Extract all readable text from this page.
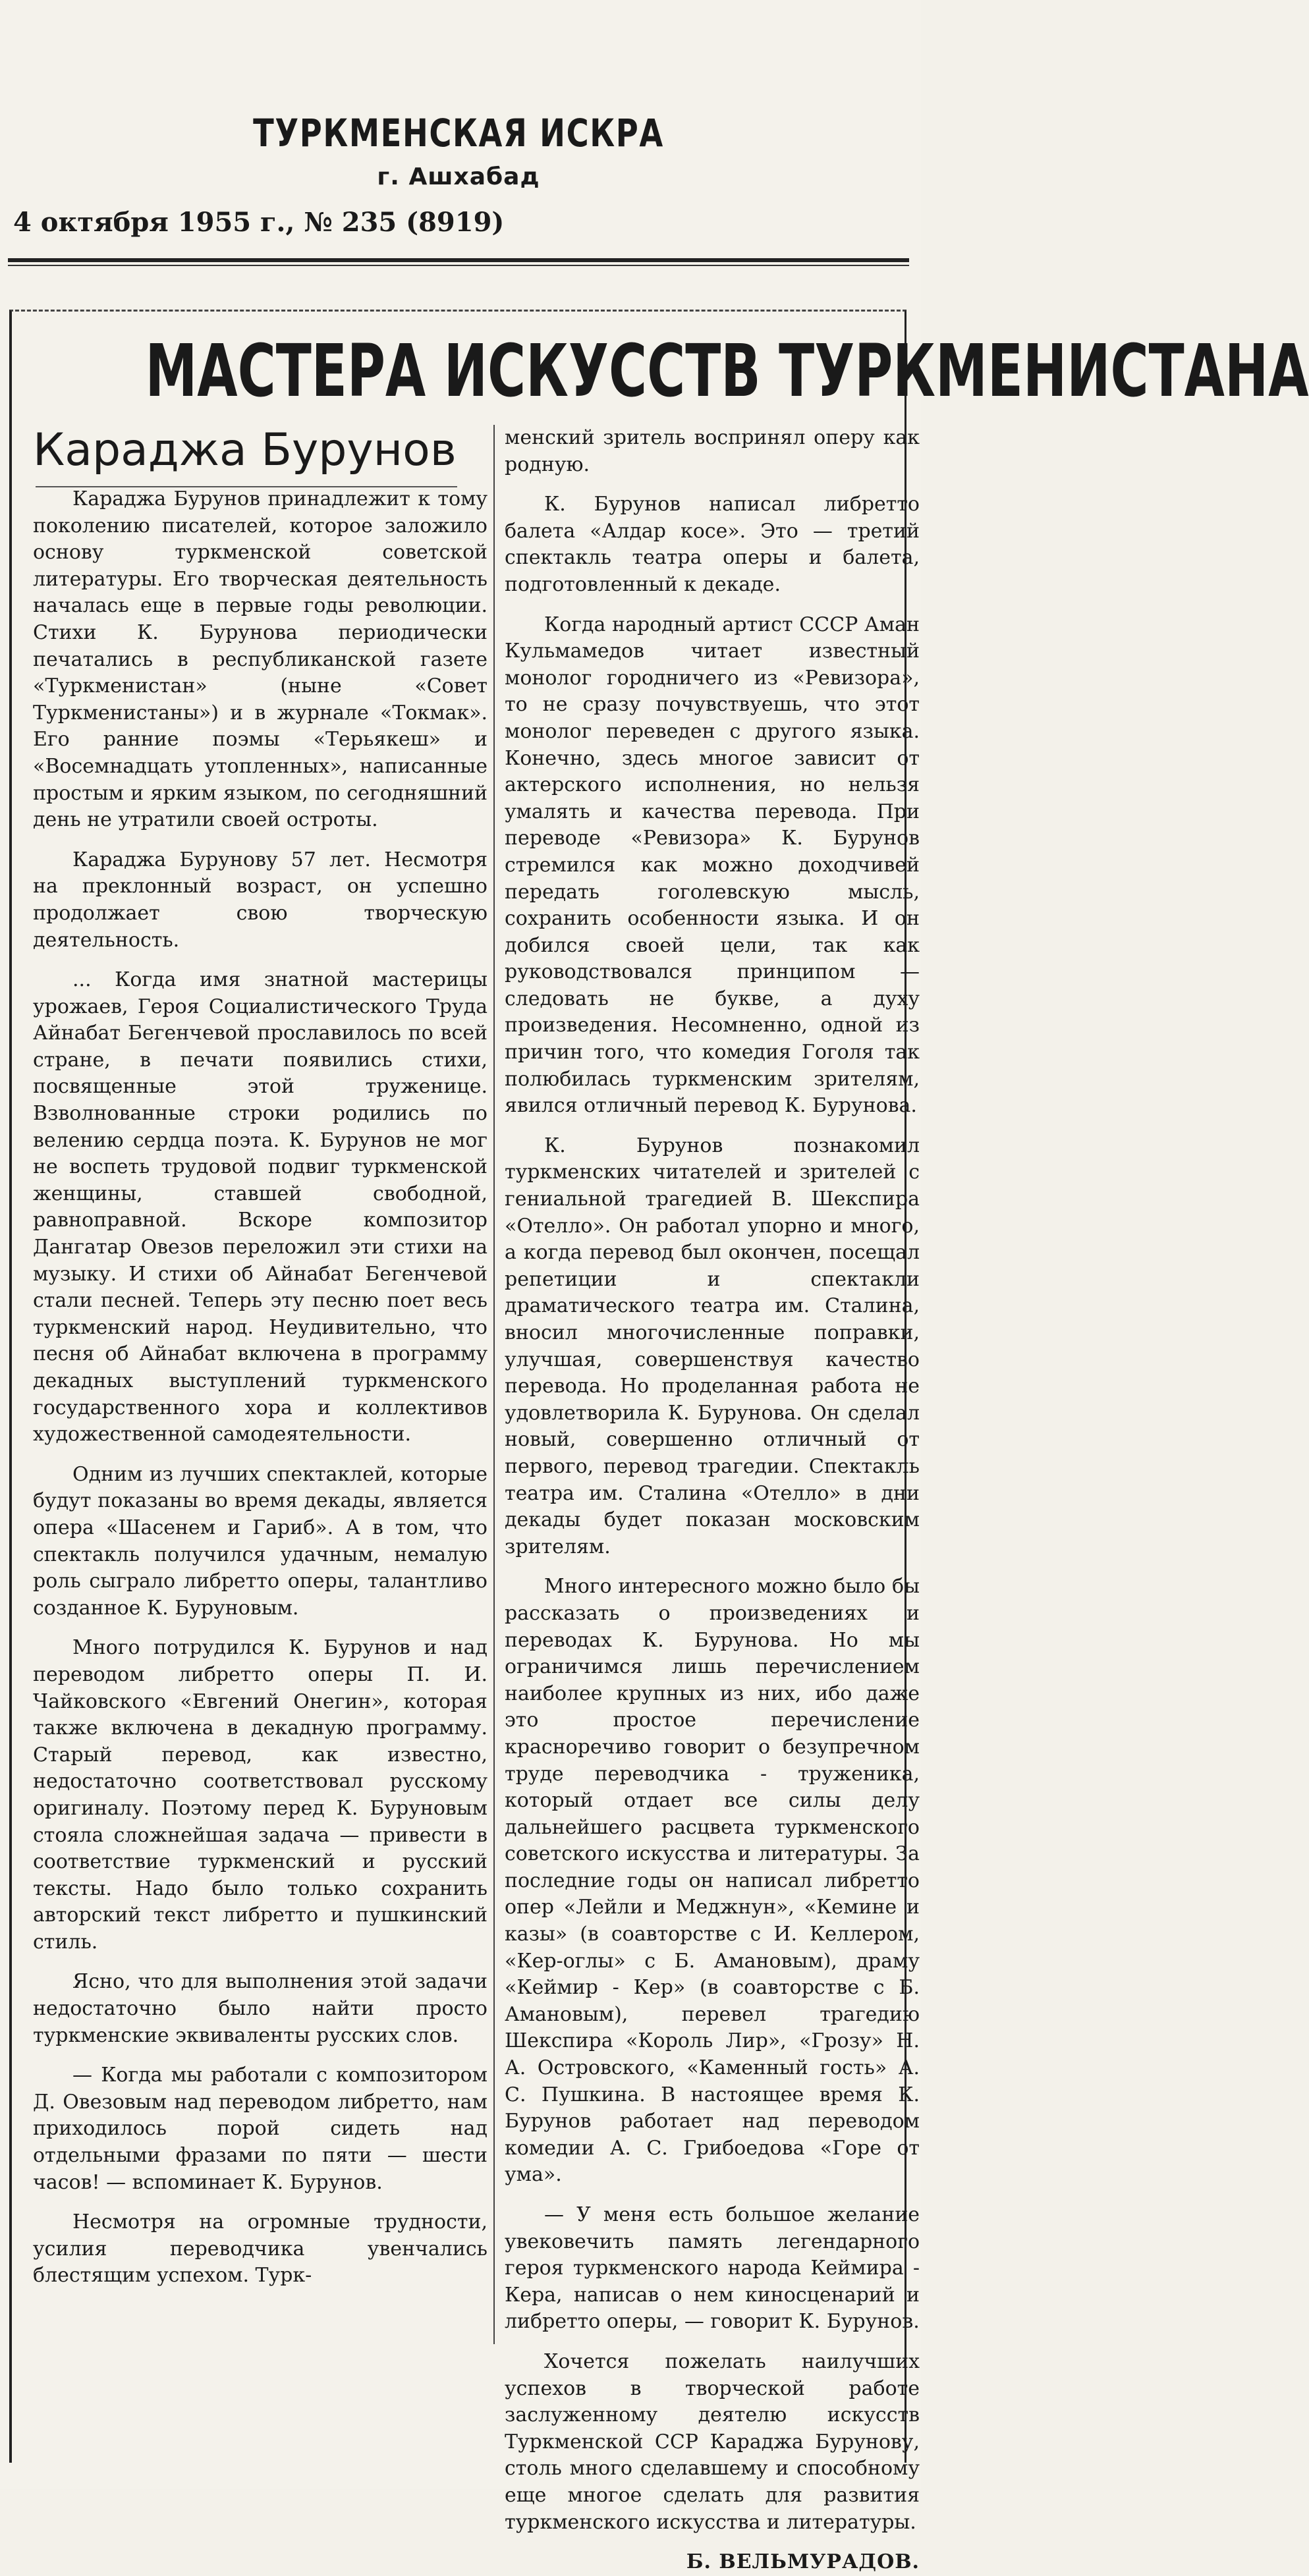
ТУРКМЕНСКАЯ ИСКРА
г. Ашхабад
4 октября 1955 г., № 235 (8919)
МАСТЕРА ИСКУССТВ ТУРКМЕНИСТАНА
Караджа Бурунов

Караджа Бурунов принадлежит к тому поколению писателей, которое заложило основу туркменской советской литературы. Его творческая деятельность началась еще в первые годы революции. Стихи К. Бурунова периодически печатались в республиканской газете «Туркменистан» (ныне «Совет Туркменистаны») и в журнале «Токмак». Его ранние поэмы «Терьякеш» и «Восемнадцать утопленных», написанные простым и ярким языком, по сегодняшний день не утратили своей остроты.

Караджа Бурунову 57 лет. Несмотря на преклонный возраст, он успешно продолжает свою творческую деятельность.

... Когда имя знатной мастерицы урожаев, Героя Социалистического Труда Айнабат Бегенчевой прославилось по всей стране, в печати появились стихи, посвященные этой труженице. Взволнованные строки родились по велению сердца поэта. К. Бурунов не мог не воспеть трудовой подвиг туркменской женщины, ставшей свободной, равноправной. Вскоре композитор Дангатар Овезов переложил эти стихи на музыку. И стихи об Айнабат Бегенчевой стали песней. Теперь эту песню поет весь туркменский народ. Неудивительно, что песня об Айнабат включена в программу декадных выступлений туркменского государственного хора и коллективов художественной самодеятельности.

Одним из лучших спектаклей, которые будут показаны во время декады, является опера «Шасенем и Гариб». А в том, что спектакль получился удачным, немалую роль сыграло либретто оперы, талантливо созданное К. Буруновым.

Много потрудился К. Бурунов и над переводом либретто оперы П. И. Чайковского «Евгений Онегин», которая также включена в декадную программу. Старый перевод, как известно, недостаточно соответствовал русскому оригиналу. Поэтому перед К. Буруновым стояла сложнейшая задача — привести в соответствие туркменский и русский тексты. Надо было только сохранить авторский текст либретто и пушкинский стиль.

Ясно, что для выполнения этой задачи недостаточно было найти просто туркменские эквиваленты русских слов.

— Когда мы работали с композитором Д. Овезовым над переводом либретто, нам приходилось порой сидеть над отдельными фразами по пяти — шести часов! — вспоминает К. Бурунов.

Несмотря на огромные трудности, усилия переводчика увенчались блестящим успехом. Турк-

менский зритель воспринял оперу как родную.

К. Бурунов написал либретто балета «Алдар косе». Это — третий спектакль театра оперы и балета, подготовленный к декаде.

Когда народный артист СССР Аман Кульмамедов читает известный монолог городничего из «Ревизора», то не сразу почувствуешь, что этот монолог переведен с другого языка. Конечно, здесь многое зависит от актерского исполнения, но нельзя умалять и качества перевода. При переводе «Ревизора» К. Бурунов стремился как можно доходчивей передать гоголевскую мысль, сохранить особенности языка. И он добился своей цели, так как руководствовался принципом — следовать не букве, а духу произведения. Несомненно, одной из причин того, что комедия Гоголя так полюбилась туркменским зрителям, явился отличный перевод К. Бурунова.

К. Бурунов познакомил туркменских читателей и зрителей с гениальной трагедией В. Шекспира «Отелло». Он работал упорно и много, а когда перевод был окончен, посещал репетиции и спектакли драматического театра им. Сталина, вносил многочисленные поправки, улучшая, совершенствуя качество перевода. Но проделанная работа не удовлетворила К. Бурунова. Он сделал новый, совершенно отличный от первого, перевод трагедии. Спектакль театра им. Сталина «Отелло» в дни декады будет показан московским зрителям.

Много интересного можно было бы рассказать о произведениях и переводах К. Бурунова. Но мы ограничимся лишь перечислением наиболее крупных из них, ибо даже это простое перечисление красноречиво говорит о безупречном труде переводчика - труженика, который отдает все силы делу дальнейшего расцвета туркменского советского искусства и литературы. За последние годы он написал либретто опер «Лейли и Меджнун», «Кемине и казы» (в соавторстве с И. Келлером, «Кер-оглы» с Б. Амановым), драму «Кеймир - Кер» (в соавторстве с Б. Амановым), перевел трагедию Шекспира «Король Лир», «Грозу» Н. А. Островского, «Каменный гость» А. С. Пушкина. В настоящее время К. Бурунов работает над переводом комедии А. С. Грибоедова «Горе от ума».

— У меня есть большое желание увековечить память легендарного героя туркменского народа Кеймира - Кера, написав о нем киносценарий и либретто оперы, — говорит К. Бурунов.

Хочется пожелать наилучших успехов в творческой работе заслуженному деятелю искусств Туркменской ССР Караджа Бурунову, столь много сделавшему и способному еще многое сделать для развития туркменского искусства и литературы.

Б. ВЕЛЬМУРАДОВ.
